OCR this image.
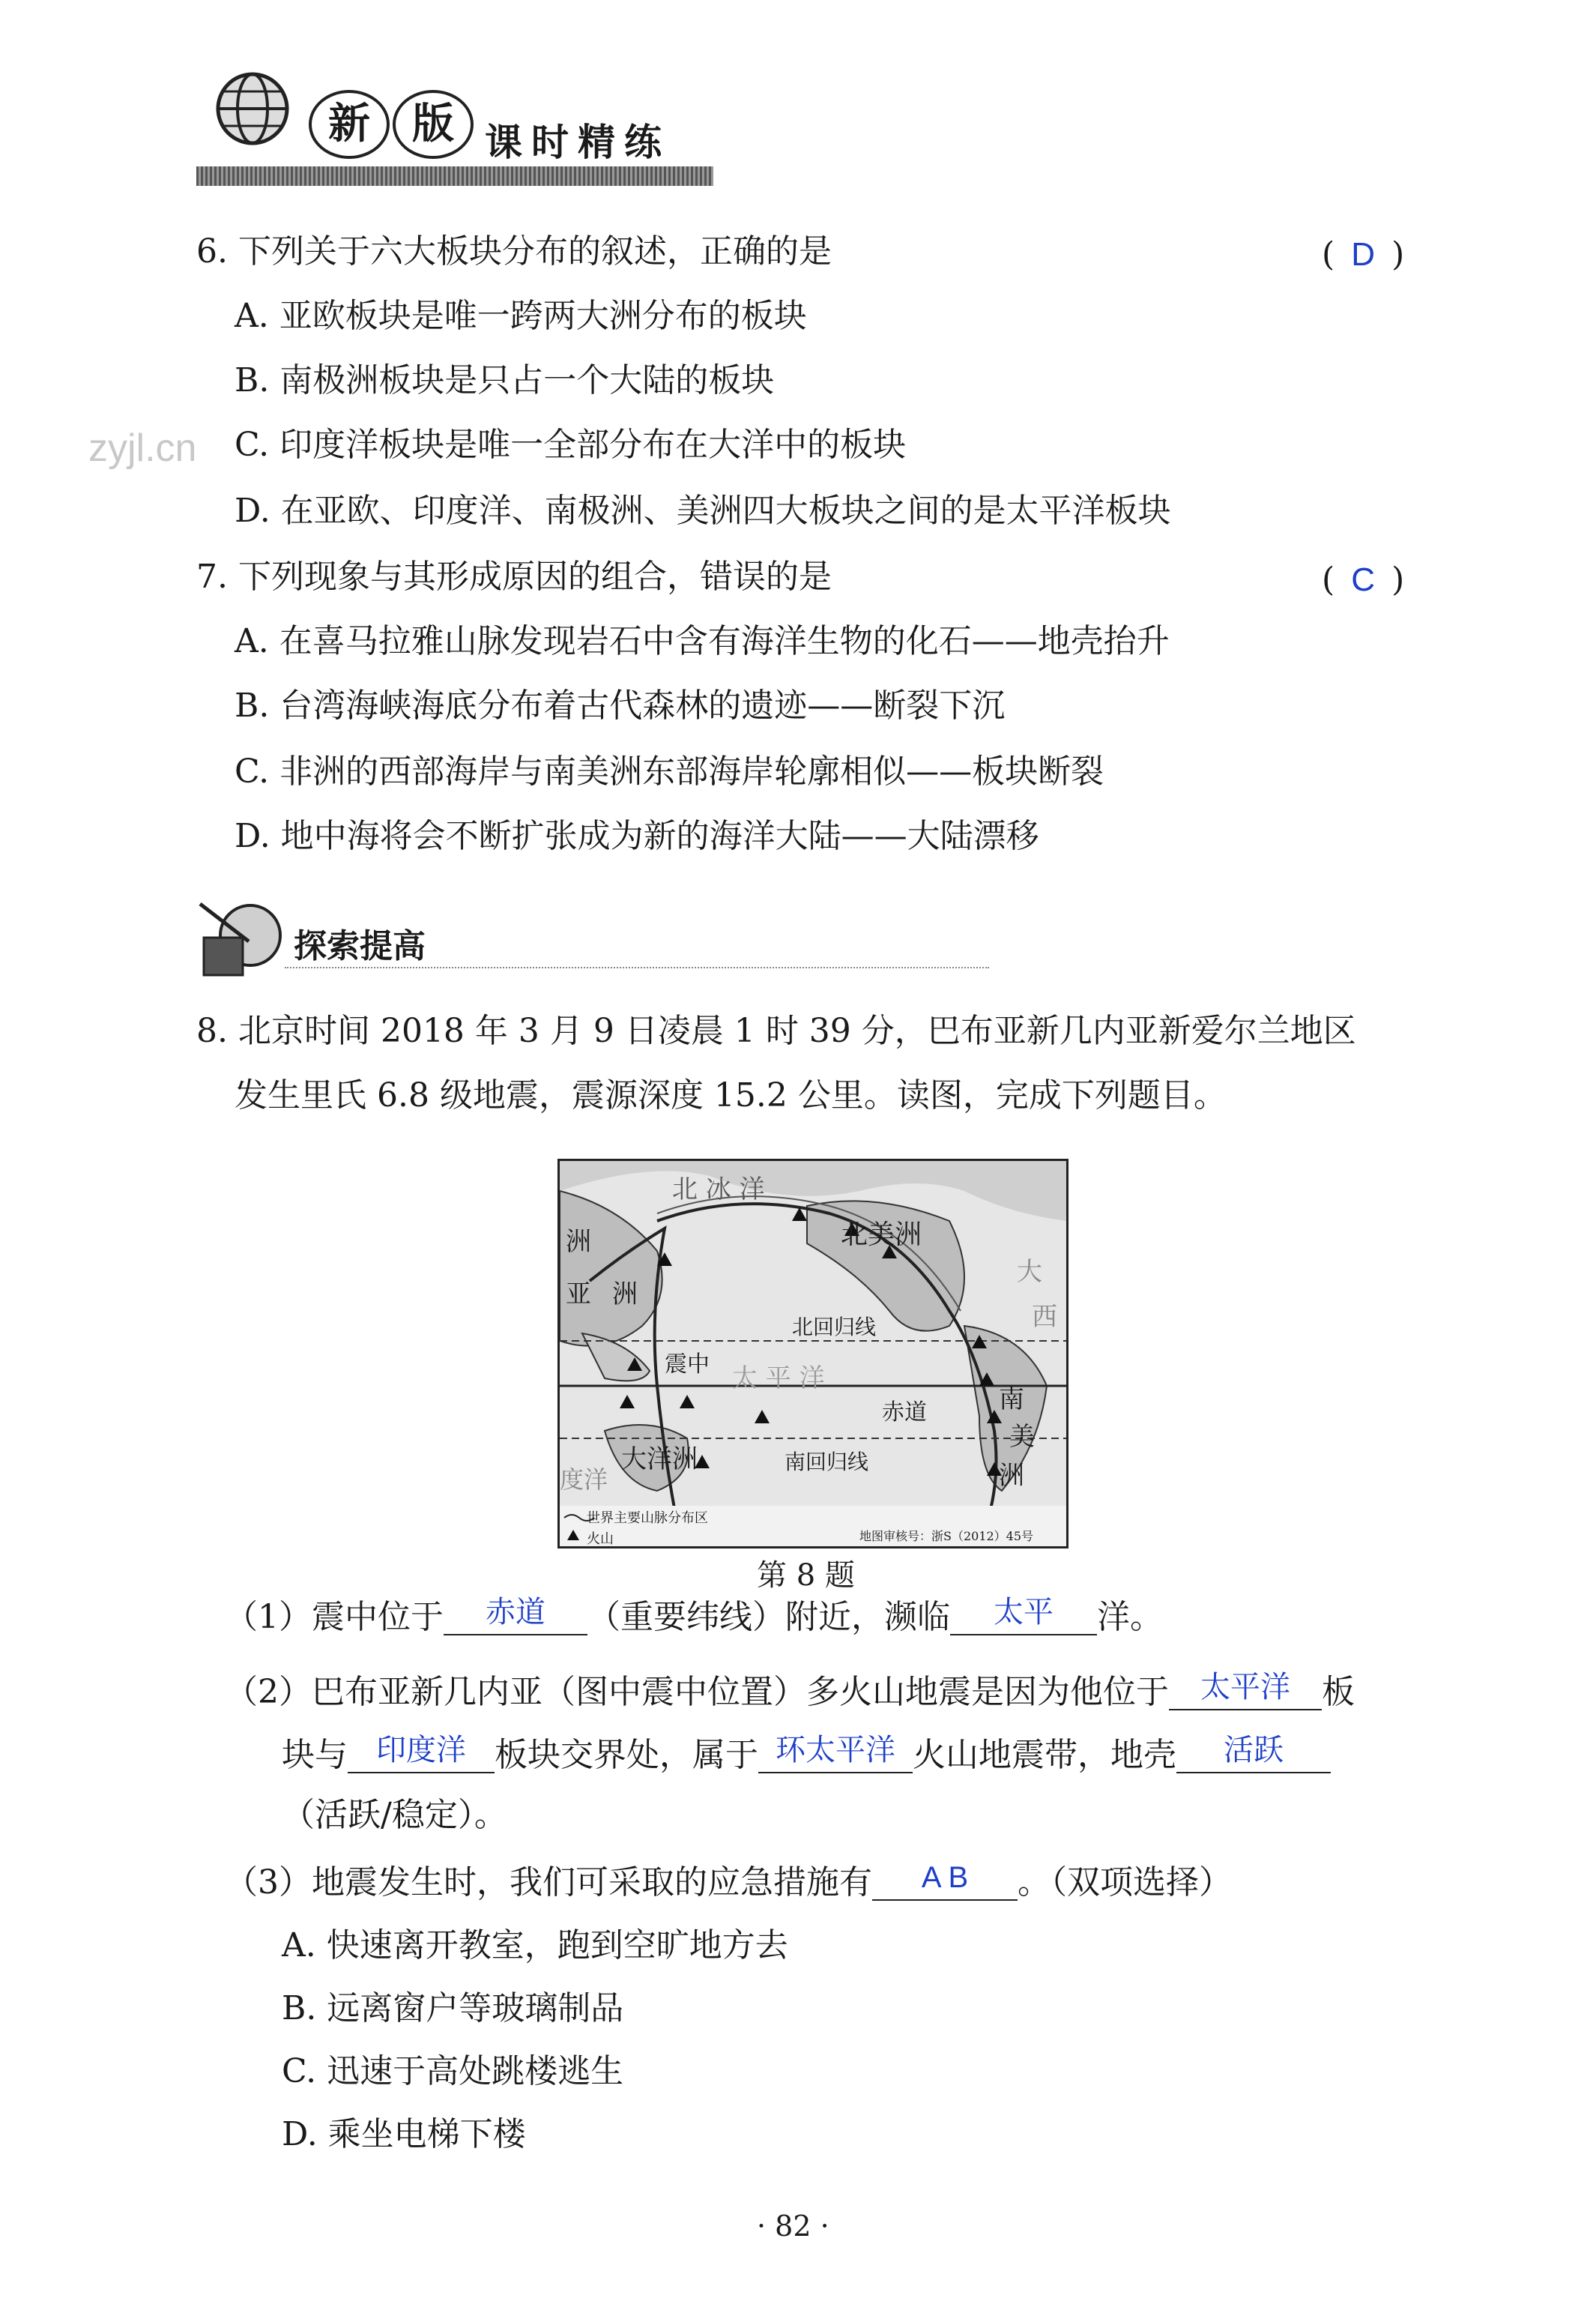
新	版 课时精练
zyjl.cn
6. 下列关于六大板块分布的叙述，正确的是	( D )
A. 亚欧板块是唯一跨两大洲分布的板块
B. 南极洲板块是只占一个大陆的板块
C. 印度洋板块是唯一全部分布在大洋中的板块
D. 在亚欧、印度洋、南极洲、美洲四大板块之间的是太平洋板块
7. 下列现象与其形成原因的组合，错误的是	( C )
A. 在喜马拉雅山脉发现岩石中含有海洋生物的化石——地壳抬升
B. 台湾海峡海底分布着古代森林的遗迹——断裂下沉
C. 非洲的西部海岸与南美洲东部海岸轮廓相似——板块断裂
D. 地中海将会不断扩张成为新的海洋大陆——大陆漂移
探索提高
8. 北京时间 2018 年 3 月 9 日凌晨 1 时 39 分，巴布亚新几内亚新爱尔兰地区
发生里氏 6.8 级地震，震源深度 15.2 公里。读图，完成下列题目。
北 冰 洋
北美洲
洲
亚 洲
北回归线
震中 太 平 洋
赤道
大
西
南
美
洲
大洋洲
度洋
南回归线
世界主要山脉分布区
火山	地图审核号：浙S（2012）45号
第 8 题
（1）震中位于 赤道 （重要纬线）附近，濒临 太平 洋。
（2）巴布亚新几内亚（图中震中位置）多火山地震是因为他位于 太平洋 板
块与 印度洋 板块交界处，属于 环太平洋 火山地震带，地壳 活跃
（活跃/稳定）。
（3）地震发生时，我们可采取的应急措施有 A B 。（双项选择）
A. 快速离开教室，跑到空旷地方去
B. 远离窗户等玻璃制品
C. 迅速于高处跳楼逃生
D. 乘坐电梯下楼
· 82 ·
